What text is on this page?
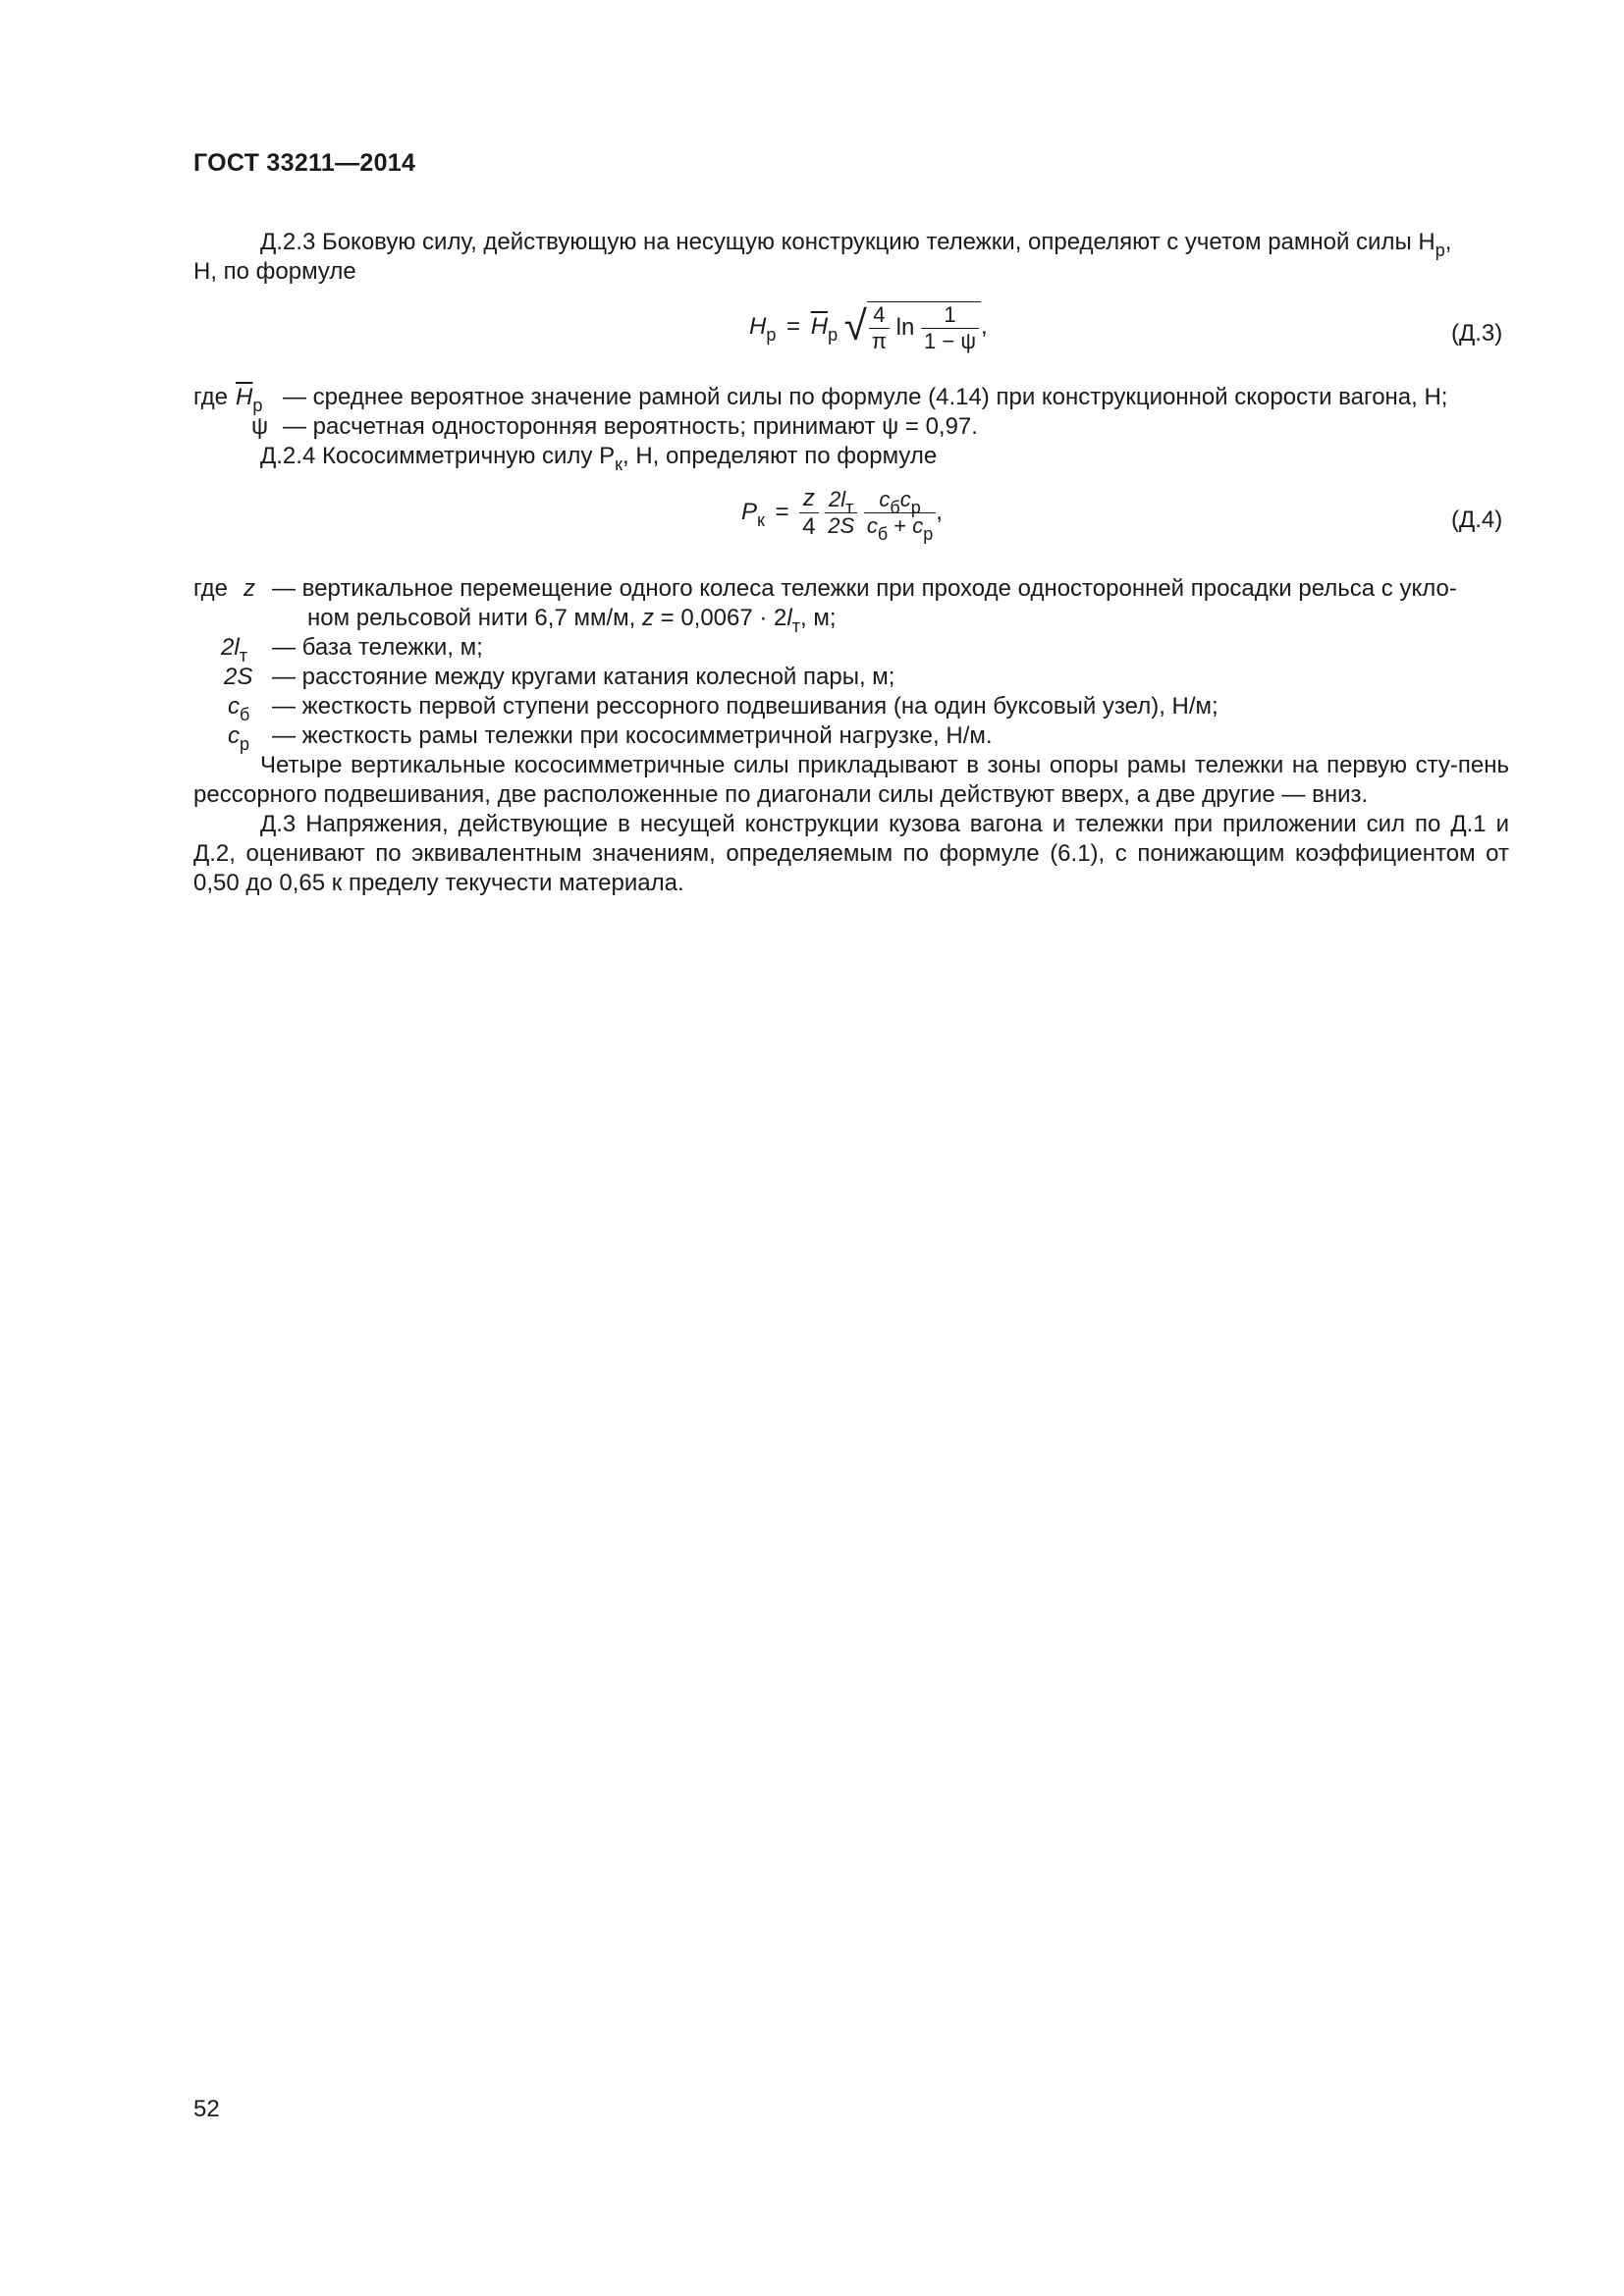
ГОСТ 33211—2014
Д.2.3 Боковую силу, действующую на несущую конструкцию тележки, определяют с учетом рамной силы $H_р$,
Н, по формуле
$H_р = \overline{H}_р$ √ $\frac{4}{\pi}$ $\ln \frac{1}{1 - \psi}$ ,	(Д.3)
где $\overline{H}_р$ — среднее вероятное значение рамной силы по формуле (4.14) при конструкционной скорости вагона, Н;
ψ — расчетная односторонняя вероятность; принимают ψ = 0,97.
Д.2.4 Кососимметричную силу $P_к$, Н, определяют по формуле
$P_к = \frac{z}{4}$
$\frac{2l_т}{2S}$
$\frac{c_бc_р}{c_б + c_р}$ ,	(Д.4)
где z — вертикальное перемещение одного колеса тележки при проходе односторонней просадки рельса с укло-
ном рельсовой нити 6,7 мм/м, $z = 0,0067 \cdot 2l_т$, м;
$2l_т$ — база тележки, м;
2S — расстояние между кругами катания колесной пары, м;
$c_б$ — жесткость первой ступени рессорного подвешивания (на один буксовый узел), Н/м;
$c_р$ — жесткость рамы тележки при кососимметричной нагрузке, Н/м.
Четыре вертикальные кососимметричные силы прикладывают в зоны опоры рамы тележки на первую сту-пень рессорного подвешивания, две расположенные по диагонали силы действуют вверх, а две другие — вниз.
Д.3 Напряжения, действующие в несущей конструкции кузова вагона и тележки при приложении сил по Д.1 и Д.2, оценивают по эквивалентным значениям, определяемым по формуле (6.1), с понижающим коэффициентом от 0,50 до 0,65 к пределу текучести материала.
52
